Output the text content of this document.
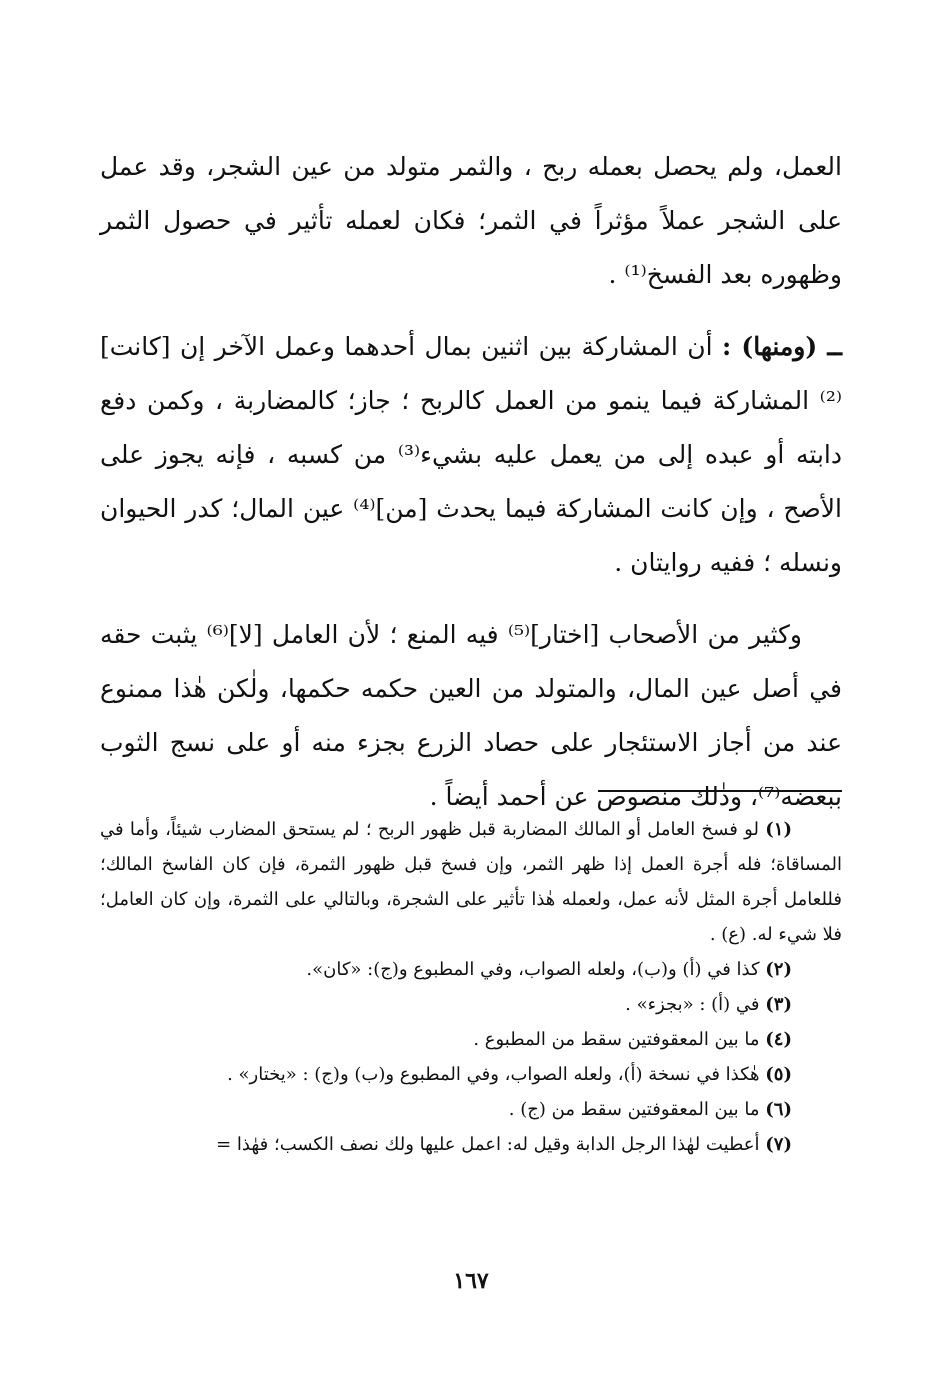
العمل، ولم يحصل بعمله ربح ، والثمر متولد من عين الشجر، وقد عمل على الشجر عملاً مؤثراً في الثمر؛ فكان لعمله تأثير في حصول الثمر وظهوره بعد الفسخ⁽¹⁾ .

ــ (ومنها) : أن المشاركة بين اثنين بمال أحدهما وعمل الآخر إن [كانت]⁽²⁾ المشاركة فيما ينمو من العمل كالربح ؛ جاز؛ كالمضاربة ، وكمن دفع دابته أو عبده إلى من يعمل عليه بشيء⁽³⁾ من كسبه ، فإنه يجوز على الأصح ، وإن كانت المشاركة فيما يحدث [من]⁽⁴⁾ عين المال؛ كدر الحيوان ونسله ؛ ففيه روايتان .

وكثير من الأصحاب [اختار]⁽⁵⁾ فيه المنع ؛ لأن العامل [لا]⁽⁶⁾ يثبت حقه في أصل عين المال، والمتولد من العين حكمه حكمها، ولٰكن هٰذا ممنوع عند من أجاز الاستئجار على حصاد الزرع بجزء منه أو على نسج الثوب ببعضه⁽⁷⁾، وذٰلك منصوص عن أحمد أيضاً .

(١) لو فسخ العامل أو المالك المضاربة قبل ظهور الربح ؛ لم يستحق المضارب شيئاً، وأما في المساقاة؛ فله أجرة العمل إذا ظهر الثمر، وإن فسخ قبل ظهور الثمرة، فإن كان الفاسخ المالك؛ فللعامل أجرة المثل لأنه عمل، ولعمله هٰذا تأثير على الشجرة، وبالتالي على الثمرة، وإن كان العامل؛ فلا شيء له. (ع) .

(٢) كذا في (أ) و(ب)، ولعله الصواب، وفي المطبوع و(ج): «كان».

(٣) في (أ) : «بجزء» .

(٤) ما بين المعقوفتين سقط من المطبوع .

(٥) هٰكذا في نسخة (أ)، ولعله الصواب، وفي المطبوع و(ب) و(ج) : «يختار» .

(٦) ما بين المعقوفتين سقط من (ج) .

(٧) أعطيت لهٰذا الرجل الدابة وقيل له: اعمل عليها ولك نصف الكسب؛ فهٰذا =

١٦٧
